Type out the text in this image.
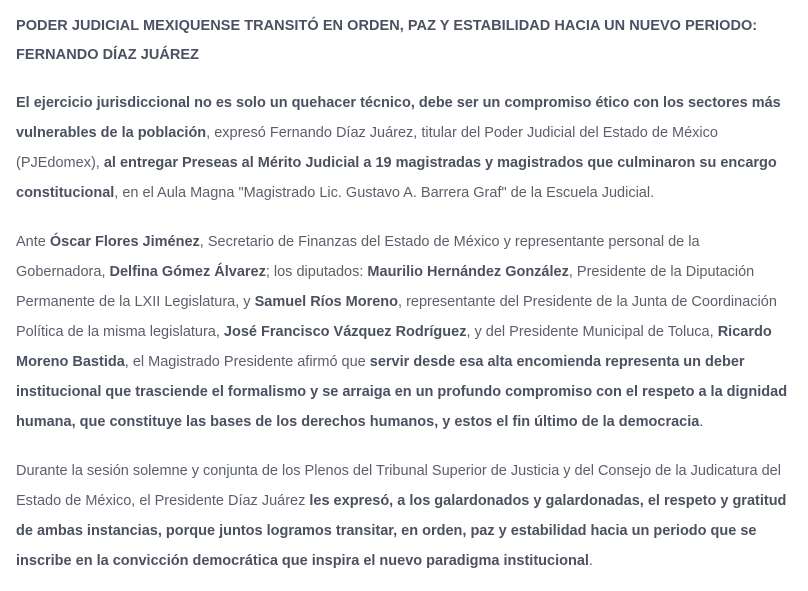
PODER JUDICIAL MEXIQUENSE TRANSITÓ EN ORDEN, PAZ Y ESTABILIDAD HACIA UN NUEVO PERIODO: FERNANDO DÍAZ JUÁREZ

El ejercicio jurisdiccional no es solo un quehacer técnico, debe ser un compromiso ético con los sectores más vulnerables de la población, expresó Fernando Díaz Juárez, titular del Poder Judicial del Estado de México (PJEdomex), al entregar Preseas al Mérito Judicial a 19 magistradas y magistrados que culminaron su encargo constitucional, en el Aula Magna "Magistrado Lic. Gustavo A. Barrera Graf" de la Escuela Judicial.

Ante Óscar Flores Jiménez, Secretario de Finanzas del Estado de México y representante personal de la Gobernadora, Delfina Gómez Álvarez; los diputados: Maurilio Hernández González, Presidente de la Diputación Permanente de la LXII Legislatura, y Samuel Ríos Moreno, representante del Presidente de la Junta de Coordinación Política de la misma legislatura, José Francisco Vázquez Rodríguez, y del Presidente Municipal de Toluca, Ricardo Moreno Bastida, el Magistrado Presidente afirmó que servir desde esa alta encomienda representa un deber institucional que trasciende el formalismo y se arraiga en un profundo compromiso con el respeto a la dignidad humana, que constituye las bases de los derechos humanos, y estos el fin último de la democracia.

Durante la sesión solemne y conjunta de los Plenos del Tribunal Superior de Justicia y del Consejo de la Judicatura del Estado de México, el Presidente Díaz Juárez les expresó, a los galardonados y galardonadas, el respeto y gratitud de ambas instancias, porque juntos logramos transitar, en orden, paz y estabilidad hacia un periodo que se inscribe en la convicción democrática que inspira el nuevo paradigma institucional.
